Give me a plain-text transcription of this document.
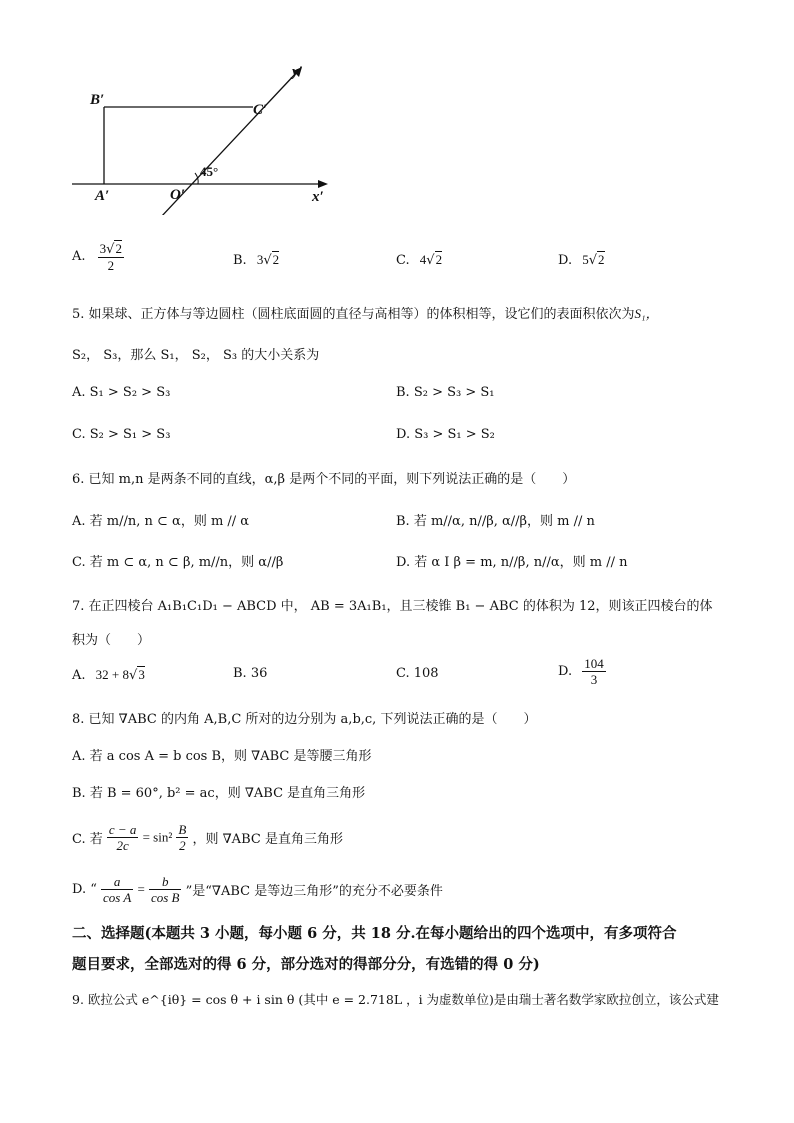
B′
C′
A′	O′	x′
y′
45°
A. $\frac{3√2}{2}$	B. 3√2	C. 4√2	D. 5√2
5. 如果球、正方体与等边圆柱（圆柱底面圆的直径与高相等）的体积相等，设它们的表面积依次为S₁，
S₂， S₃，那么 S₁， S₂， S₃ 的大小关系为
A. S₁ > S₂ > S₃	B. S₂ > S₃ > S₁
C. S₂ > S₁ > S₃	D. S₃ > S₁ > S₂
6. 已知 m,n 是两条不同的直线，α,β 是两个不同的平面，则下列说法正确的是（　　）
A. 若 m//n, n ⊂ α，则 m // α	B. 若 m//α, n//β, α//β，则 m // n
C. 若 m ⊂ α, n ⊂ β, m//n，则 α//β	D. 若 α I β = m, n//β, n//α，则 m // n
7. 在正四棱台 A₁B₁C₁D₁ − ABCD 中， AB = 3A₁B₁，且三棱锥 B₁ − ABC 的体积为 12，则该正四棱台的体
积为（　　）
A. 32 + 8√3	B. 36	C. 108	D. $\frac{104}{3}$
8. 已知 ∇ABC 的内角 A,B,C 所对的边分别为 a,b,c, 下列说法正确的是（　　）
A. 若 a cos A = b cos B，则 ∇ABC 是等腰三角形
B. 若 B = 60°, b² = ac，则 ∇ABC 是直角三角形
C. 若 $\frac{c - a}{2c} = \sin^2 \frac{B}{2}$ ，则 ∇ABC 是直角三角形
D. “ $\frac{a}{\text{cos A}} = \frac{b}{\text{cos B}}$ ”是“∇ABC 是等边三角形”的充分不必要条件
二、选择题(本题共 3 小题，每小题 6 分，共 18 分.在每小题给出的四个选项中，有多项符合
题目要求，全部选对的得 6 分，部分选对的得部分分，有选错的得 0 分)
9. 欧拉公式 e^{iθ} = cos θ + i sin θ (其中 e = 2.718L ，i 为虚数单位)是由瑞士著名数学家欧拉创立，该公式建
